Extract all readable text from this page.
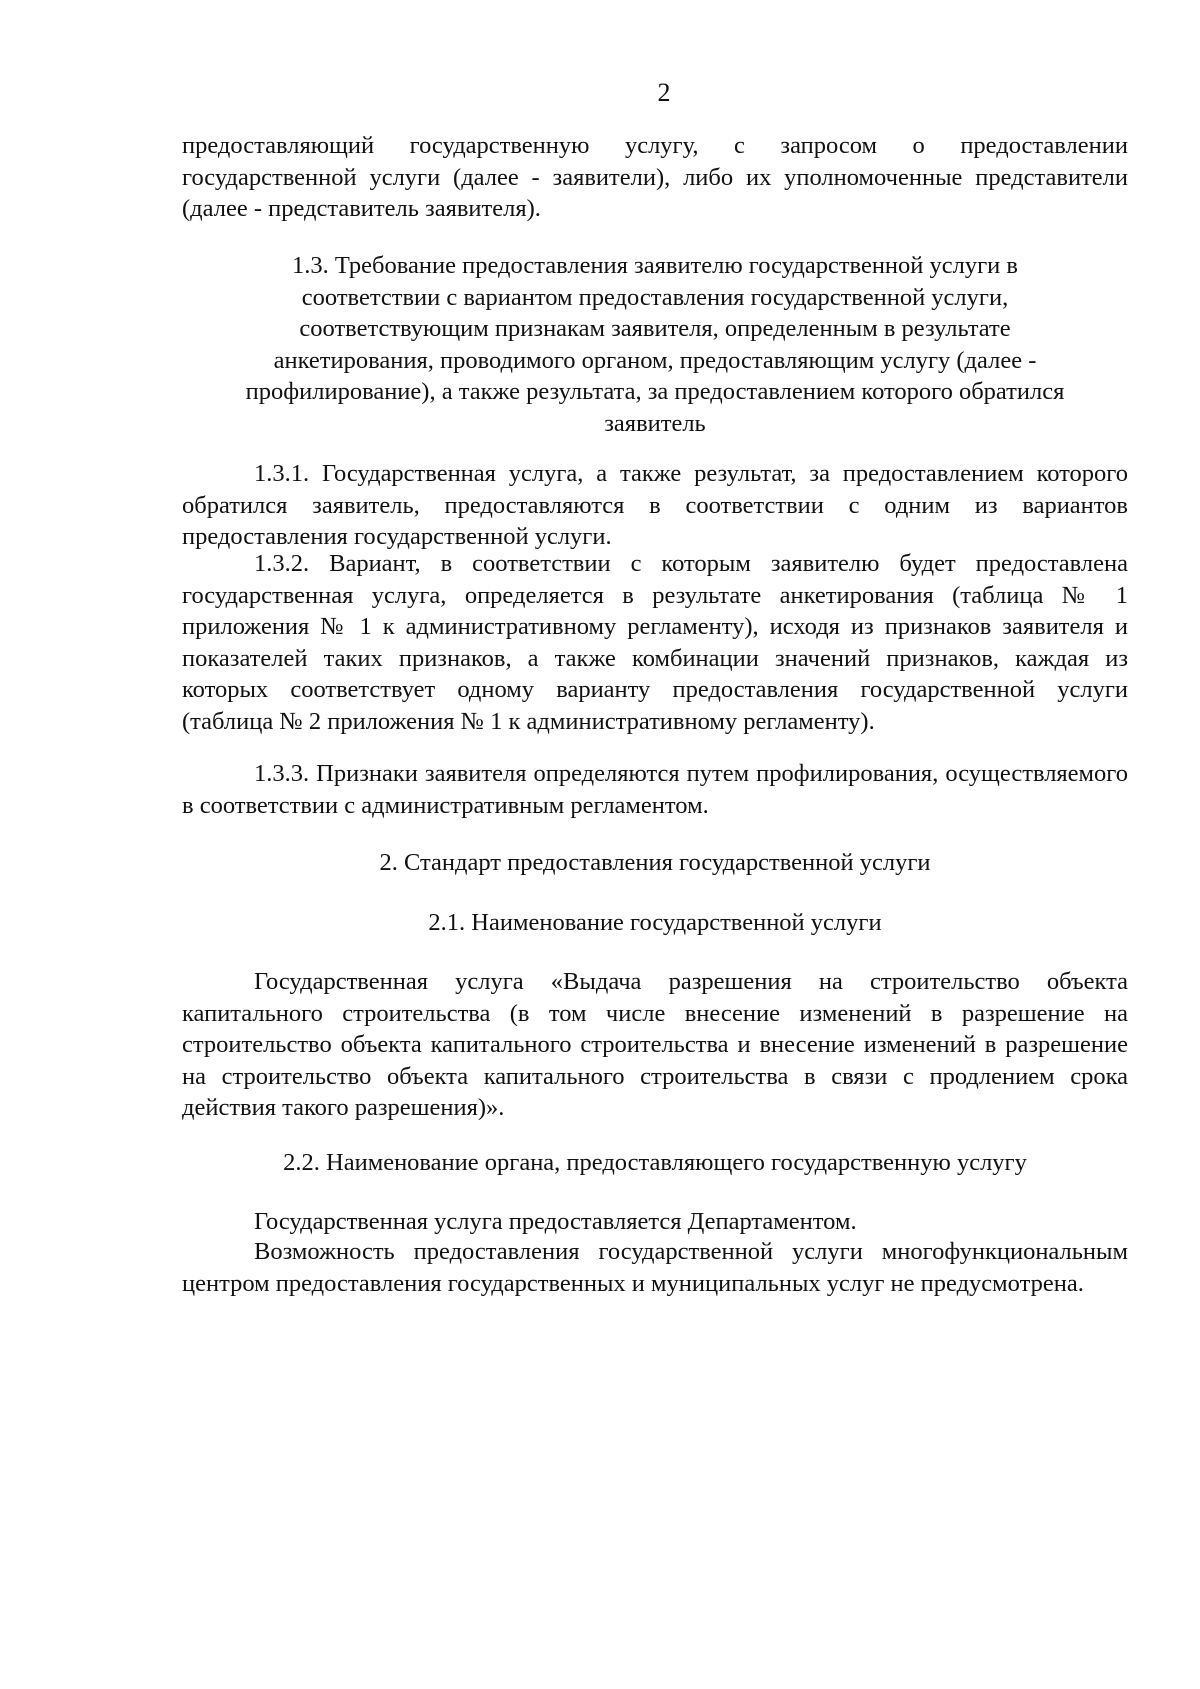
2

предоставляющий государственную услугу, с запросом о предоставлении государственной услуги (далее - заявители), либо их уполномоченные представители (далее - представитель заявителя).

1.3. Требование предоставления заявителю государственной услуги в соответствии с вариантом предоставления государственной услуги, соответствующим признакам заявителя, определенным в результате анкетирования, проводимого органом, предоставляющим услугу (далее - профилирование), а также результата, за предоставлением которого обратился заявитель

1.3.1. Государственная услуга, а также результат, за предоставлением которого обратился заявитель, предоставляются в соответствии с одним из вариантов предоставления государственной услуги.

1.3.2. Вариант, в соответствии с которым заявителю будет предоставлена государственная услуга, определяется в результате анкетирования (таблица № 1 приложения № 1 к административному регламенту), исходя из признаков заявителя и показателей таких признаков, а также комбинации значений признаков, каждая из которых соответствует одному варианту предоставления государственной услуги (таблица № 2 приложения № 1 к административному регламенту).

1.3.3. Признаки заявителя определяются путем профилирования, осуществляемого в соответствии с административным регламентом.

2. Стандарт предоставления государственной услуги

2.1. Наименование государственной услуги

Государственная услуга «Выдача разрешения на строительство объекта капитального строительства (в том числе внесение изменений в разрешение на строительство объекта капитального строительства и внесение изменений в разрешение на строительство объекта капитального строительства в связи с продлением срока действия такого разрешения)».

2.2. Наименование органа, предоставляющего государственную услугу

Государственная услуга предоставляется Департаментом.

Возможность предоставления государственной услуги многофункциональным центром предоставления государственных и муниципальных услуг не предусмотрена.
